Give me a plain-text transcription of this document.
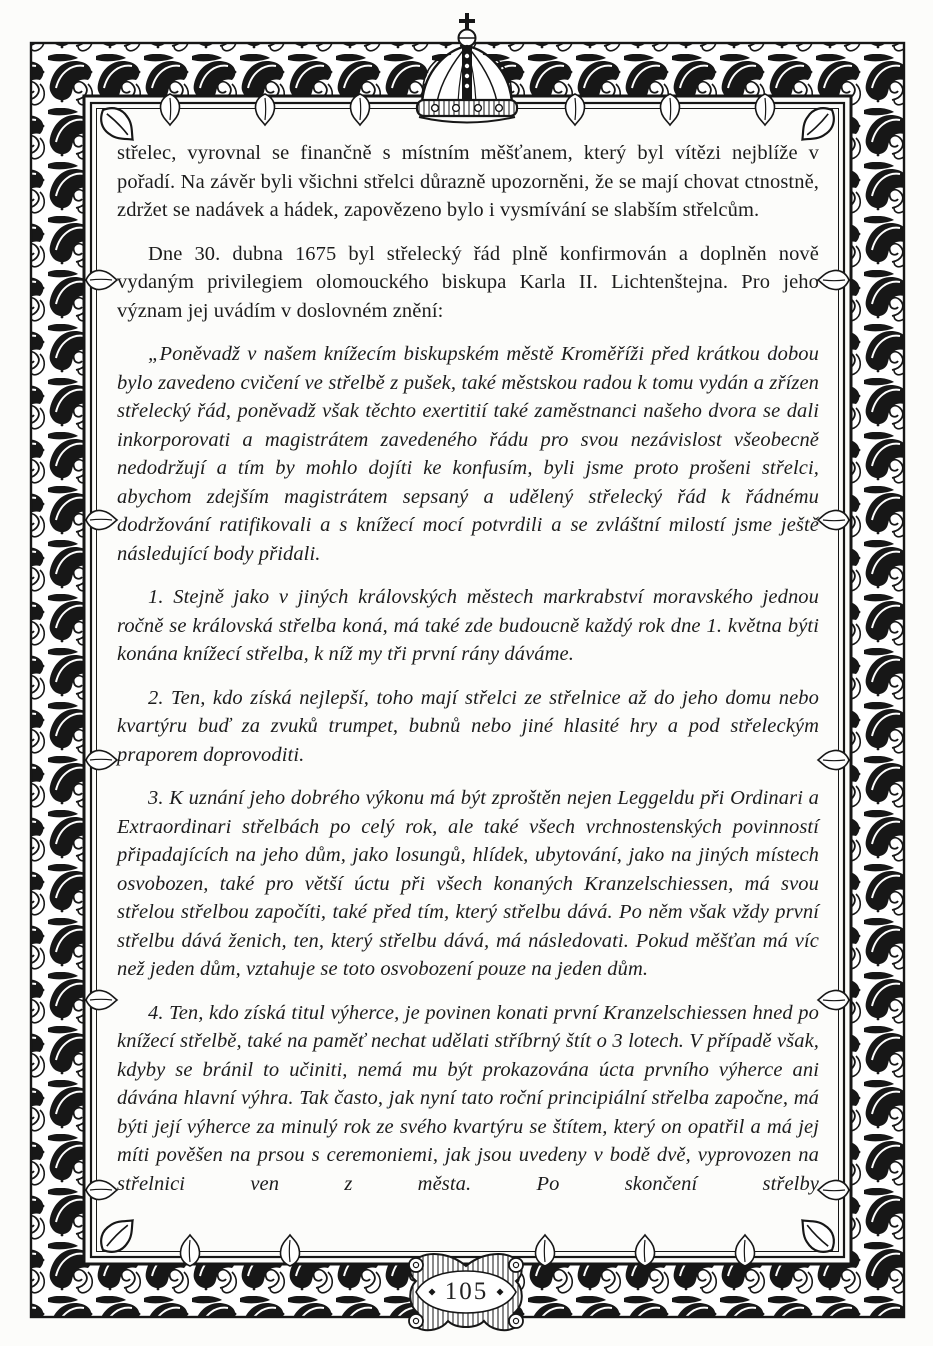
střelec, vyrovnal se finančně s místním měšťanem, který byl vítězi nejblíže v pořadí. Na závěr byli všichni střelci důrazně upozorněni, že se mají chovat ctnostně, zdržet se nadávek a hádek, zapovězeno bylo i vysmívání se slabším střelcům.

Dne 30. dubna 1675 byl střelecký řád plně konfirmován a doplněn nově vydaným privilegiem olomouckého biskupa Karla II. Lichtenštejna. Pro jeho význam jej uvádím v doslovném znění:

„Poněvadž v našem knížecím biskupském městě Kroměříži před krátkou dobou bylo zavedeno cvičení ve střelbě z pušek, také městskou radou k tomu vydán a zřízen střelecký řád, poněvadž však těchto exertitií také zaměstnanci našeho dvora se dali inkorporovati a magistrátem zavedeného řádu pro svou nezávislost všeobecně nedodržují a tím by mohlo dojíti ke konfusím, byli jsme proto prošeni střelci, abychom zdejším magistrátem sepsaný a udělený střelecký řád k řádnému dodržování ratifikovali a s knížecí mocí potvrdili a se zvláštní milostí jsme ještě následující body přidali.

1. Stejně jako v jiných královských městech markrabství moravského jednou ročně se královská střelba koná, má také zde budoucně každý rok dne 1. května býti konána knížecí střelba, k níž my tři první rány dáváme.

2. Ten, kdo získá nejlepší, toho mají střelci ze střelnice až do jeho domu nebo kvartýru buď za zvuků trumpet, bubnů nebo jiné hlasité hry a pod střeleckým praporem doprovoditi.

3. K uznání jeho dobrého výkonu má být zproštěn nejen Leggeldu při Ordinari a Extraordinari střelbách po celý rok, ale také všech vrchnostenských povinností připadajících na jeho dům, jako losungů, hlídek, ubytování, jako na jiných místech osvobozen, také pro větší úctu při všech konaných Kranzelschiessen, má svou střelou střelbou započíti, také před tím, který střelbu dává. Po něm však vždy první střelbu dává ženich, ten, který střelbu dává, má následovati. Pokud měšťan má víc než jeden dům, vztahuje se toto osvobození pouze na jeden dům.

4. Ten, kdo získá titul výherce, je povinen konati první Kranzelschiessen hned po knížecí střelbě, také na paměť nechat udělati stříbrný štít o 3 lotech. V případě však, kdyby se bránil to učiniti, nemá mu být prokazována úcta prvního výherce ani dávána hlavní výhra. Tak často, jak nyní tato roční principiální střelba započne, má býti její výherce za minulý rok ze svého kvartýru se štítem, který on opatřil a má jej míti pověšen na prsou s ceremoniemi, jak jsou uvedeny v bodě dvě, vyprovozen na střelnici ven z města. Po skončení střelby

105
